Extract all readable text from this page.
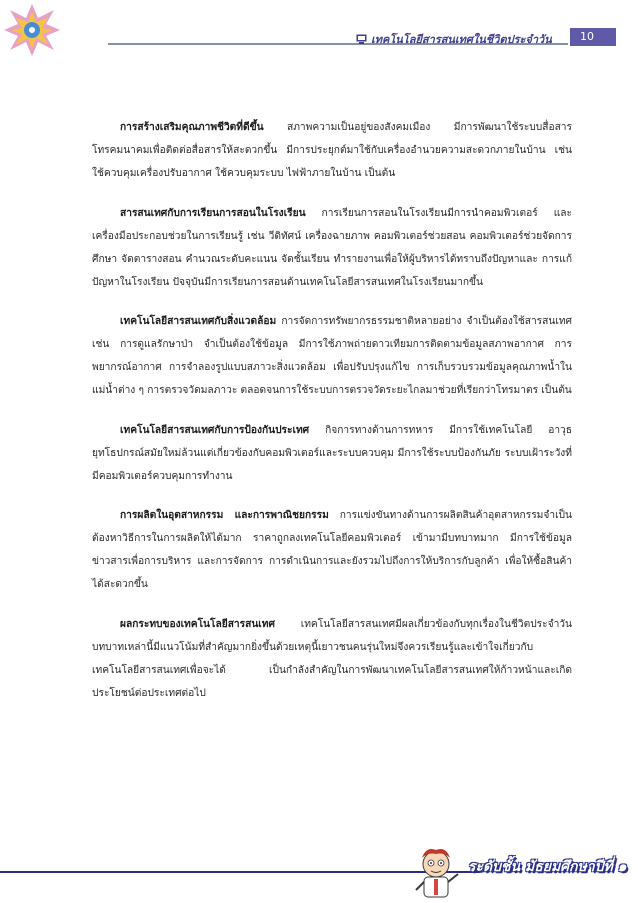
เทคโนโลยีสารสนเทศในชีวิตประจำวัน	10

การสร้างเสริมคุณภาพชีวิตที่ดีขึ้น สภาพความเป็นอยู่ของสังคมเมือง มีการพัฒนาใช้ระบบสื่อสารโทรคมนาคมเพื่อติดต่อสื่อสารให้สะดวกขึ้น มีการประยุกต์มาใช้กับเครื่องอำนวยความสะดวกภายในบ้าน เช่น ใช้ควบคุมเครื่องปรับอากาศ ใช้ควบคุมระบบ ไฟฟ้าภายในบ้าน เป็นต้น

สารสนเทศกับการเรียนการสอนในโรงเรียน การเรียนการสอนในโรงเรียนมีการนำคอมพิวเตอร์ และเครื่องมือประกอบช่วยในการเรียนรู้ เช่น วีดิทัศน์ เครื่องฉายภาพ คอมพิวเตอร์ช่วยสอน คอมพิวเตอร์ช่วยจัดการศึกษา จัดตารางสอน คำนวณระดับคะแนน จัดชั้นเรียน ทำรายงานเพื่อให้ผู้บริหารได้ทราบถึงปัญหาและ การแก้ปัญหาในโรงเรียน ปัจจุบันมีการเรียนการสอนด้านเทคโนโลยีสารสนเทศในโรงเรียนมากขึ้น

เทคโนโลยีสารสนเทศกับสิ่งแวดล้อม การจัดการทรัพยากรธรรมชาติหลายอย่าง จำเป็นต้องใช้สารสนเทศเช่น การดูแลรักษาป่า จำเป็นต้องใช้ข้อมูล มีการใช้ภาพถ่ายดาวเทียมการติดตามข้อมูลสภาพอากาศ การพยากรณ์อากาศ การจำลองรูปแบบสภาวะสิ่งแวดล้อม เพื่อปรับปรุงแก้ไข การเก็บรวบรวมข้อมูลคุณภาพน้ำในแม่น้ำต่าง ๆ การตรวจวัดมลภาวะ ตลอดจนการใช้ระบบการตรวจวัดระยะไกลมาช่วยที่เรียกว่าโทรมาตร เป็นต้น

เทคโนโลยีสารสนเทศกับการป้องกันประเทศ กิจการทางด้านการทหาร มีการใช้เทคโนโลยี อาวุธยุทโธปกรณ์สมัยใหม่ล้วนแต่เกี่ยวข้องกับคอมพิวเตอร์และระบบควบคุม มีการใช้ระบบป้องกันภัย ระบบเฝ้าระวังที่มีคอมพิวเตอร์ควบคุมการทำงาน

การผลิตในอุตสาหกรรม และการพาณิชยกรรม การแข่งขันทางด้านการผลิตสินค้าอุตสาหกรรมจำเป็นต้องหาวิธีการในการผลิตให้ได้มาก ราคาถูกลงเทคโนโลยีคอมพิวเตอร์ เข้ามามีบทบาทมาก มีการใช้ข้อมูลข่าวสารเพื่อการบริหาร และการจัดการ การดำเนินการและยังรวมไปถึงการให้บริการกับลูกค้า เพื่อให้ซื้อสินค้าได้สะดวกขึ้น

ผลกระทบของเทคโนโลยีสารสนเทศ เทคโนโลยีสารสนเทศมีผลเกี่ยวข้องกับทุกเรื่องในชีวิตประจำวัน บทบาทเหล่านี้มีแนวโน้มที่สำคัญมากยิ่งขึ้นด้วยเหตุนี้เยาวชนคนรุ่นใหม่จึงควรเรียนรู้และเข้าใจเกี่ยวกับเทคโนโลยีสารสนเทศเพื่อจะได้ เป็นกำลังสำคัญในการพัฒนาเทคโนโลยีสารสนเทศให้ก้าวหน้าและเกิดประโยชน์ต่อประเทศต่อไป

ระดับชั้น มัธยมศึกษาปีที่ ๑
